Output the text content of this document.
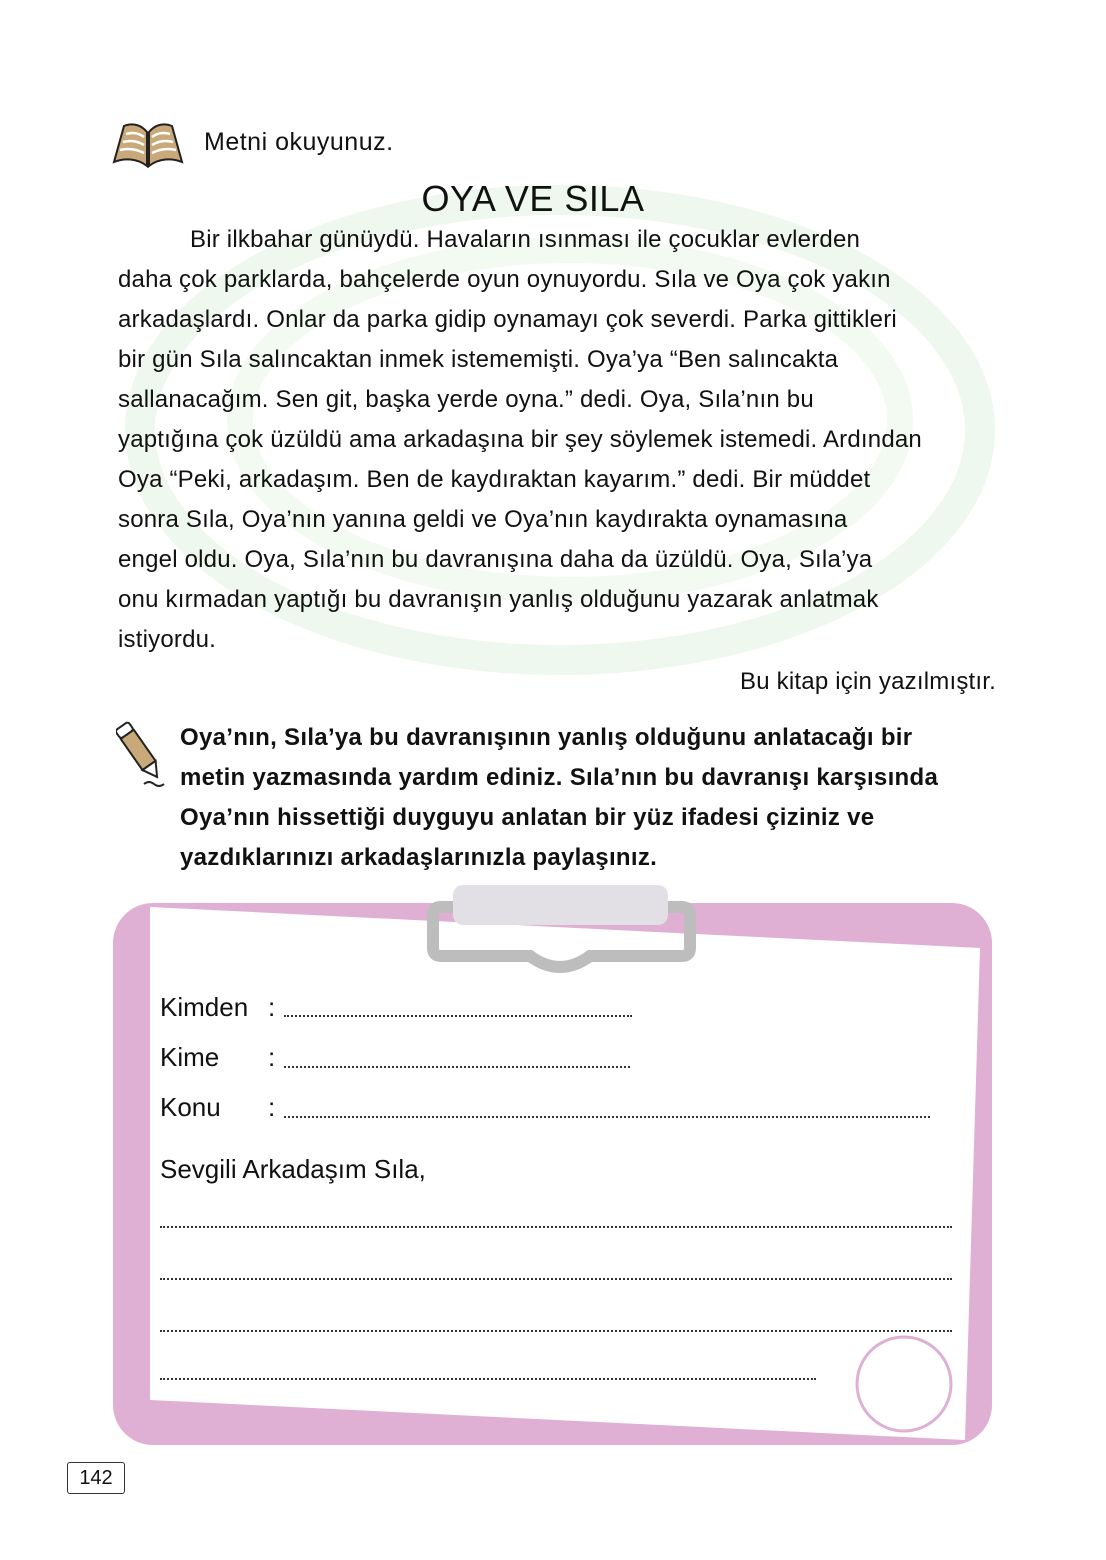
Metni okuyunuz.
OYA VE SILA
Bir ilkbahar günüydü. Havaların ısınması ile çocuklar evlerden
daha çok parklarda, bahçelerde oyun oynuyordu. Sıla ve Oya çok yakın
arkadaşlardı. Onlar da parka gidip oynamayı çok severdi. Parka gittikleri
bir gün Sıla salıncaktan inmek istememişti. Oya’ya “Ben salıncakta
sallanacağım. Sen git, başka yerde oyna.” dedi. Oya, Sıla’nın bu
yaptığına çok üzüldü ama arkadaşına bir şey söylemek istemedi. Ardından
Oya “Peki, arkadaşım. Ben de kaydıraktan kayarım.” dedi. Bir müddet
sonra Sıla, Oya’nın yanına geldi ve Oya’nın kaydırakta oynamasına
engel oldu. Oya, Sıla’nın bu davranışına daha da üzüldü. Oya, Sıla’ya
onu kırmadan yaptığı bu davranışın yanlış olduğunu yazarak anlatmak
istiyordu.
Bu kitap için yazılmıştır.
Oya’nın, Sıla’ya bu davranışının yanlış olduğunu anlatacağı bir
metin yazmasında yardım ediniz. Sıla’nın bu davranışı karşısında
Oya’nın hissettiği duyguyu anlatan bir yüz ifadesi çiziniz ve
yazdıklarınızı arkadaşlarınızla paylaşınız.
Kimden :
Kime :
Konu :
Sevgili Arkadaşım Sıla,
142
